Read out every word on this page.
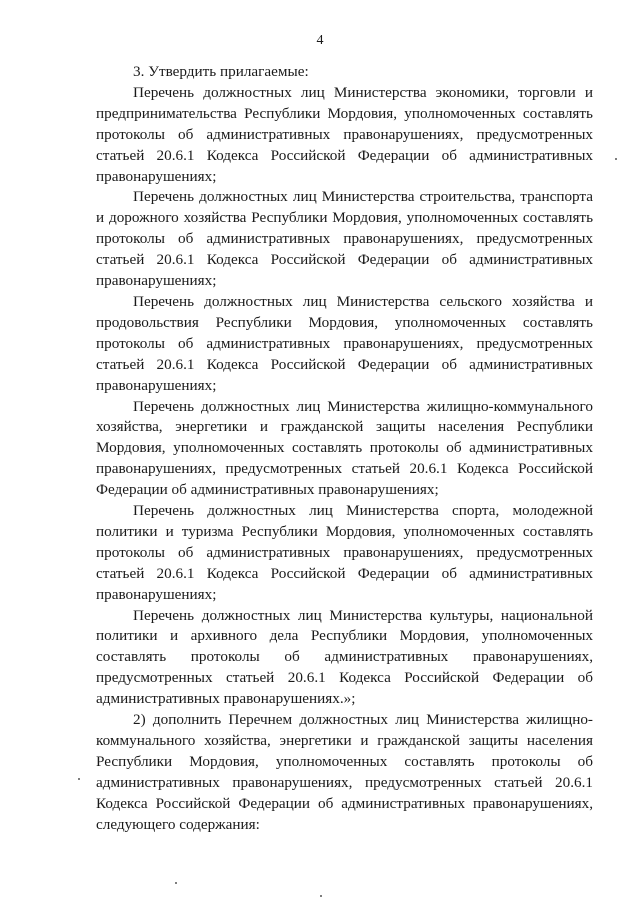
4

3. Утвердить прилагаемые:

Перечень должностных лиц Министерства экономики, торговли и предпринимательства Республики Мордовия, уполномоченных составлять протоколы об административных правонарушениях, предусмотренных статьей 20.6.1 Кодекса Российской Федерации об административных правонарушениях;

Перечень должностных лиц Министерства строительства, транспорта и дорожного хозяйства Республики Мордовия, уполномоченных составлять протоколы об административных правонарушениях, предусмотренных статьей 20.6.1 Кодекса Российской Федерации об административных правонарушениях;

Перечень должностных лиц Министерства сельского хозяйства и продовольствия Республики Мордовия, уполномоченных составлять протоколы об административных правонарушениях, предусмотренных статьей 20.6.1 Кодекса Российской Федерации об административных правонарушениях;

Перечень должностных лиц Министерства жилищно-коммунального хозяйства, энергетики и гражданской защиты населения Республики Мордовия, уполномоченных составлять протоколы об административных правонарушениях, предусмотренных статьей 20.6.1 Кодекса Российской Федерации об административных правонарушениях;

Перечень должностных лиц Министерства спорта, молодежной политики и туризма Республики Мордовия, уполномоченных составлять протоколы об административных правонарушениях, предусмотренных статьей 20.6.1 Кодекса Российской Федерации об административных правонарушениях;

Перечень должностных лиц Министерства культуры, национальной политики и архивного дела Республики Мордовия, уполномоченных составлять протоколы об административных правонарушениях, предусмотренных статьей 20.6.1 Кодекса Российской Федерации об административных правонарушениях.»;

2) дополнить Перечнем должностных лиц Министерства жилищно-коммунального хозяйства, энергетики и гражданской защиты населения Республики Мордовия, уполномоченных составлять протоколы об административных правонарушениях, предусмотренных статьей 20.6.1 Кодекса Российской Федерации об административных правонарушениях, следующего содержания:
